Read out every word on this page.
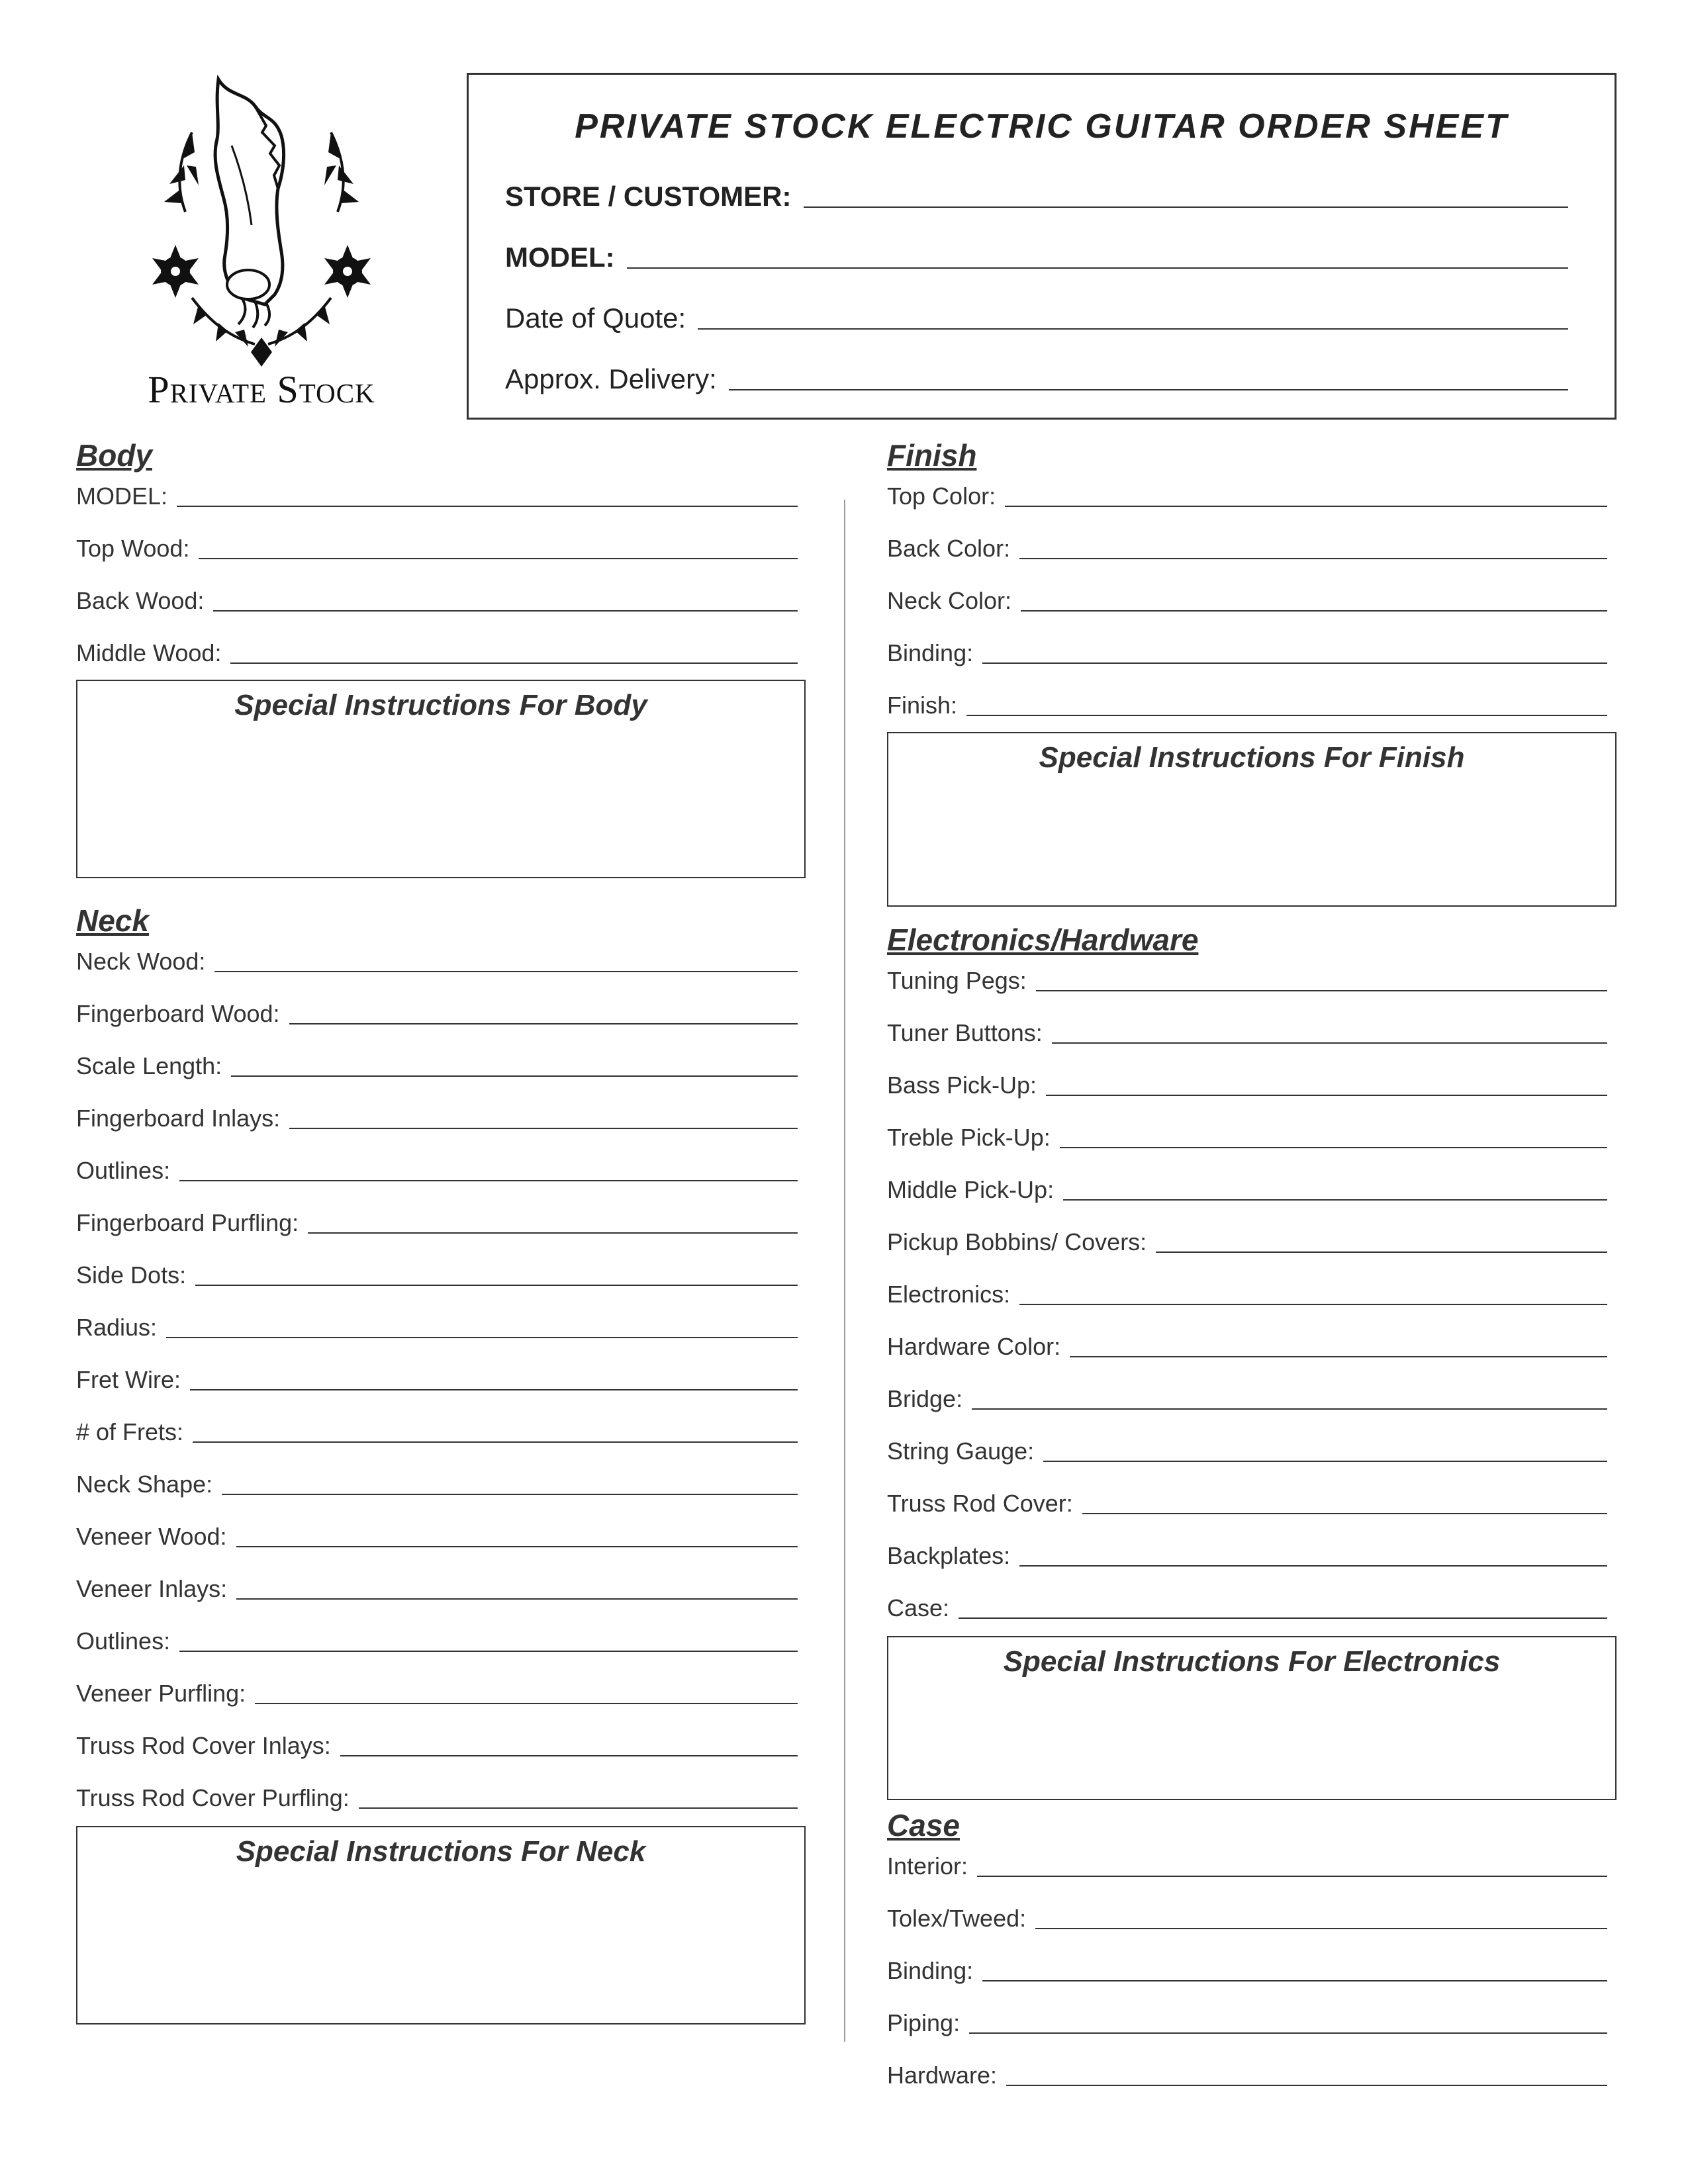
Private Stock
PRIVATE STOCK ELECTRIC GUITAR ORDER SHEET
STORE / CUSTOMER:
MODEL:
Date of Quote:
Approx. Delivery:
Body
MODEL:
Top Wood:
Back Wood:
Middle Wood:
Special Instructions For Body
Neck
Neck Wood:
Fingerboard Wood:
Scale Length:
Fingerboard Inlays:
Outlines:
Fingerboard Purfling:
Side Dots:
Radius:
Fret Wire:
# of Frets:
Neck Shape:
Veneer Wood:
Veneer Inlays:
Outlines:
Veneer Purfling:
Truss Rod Cover Inlays:
Truss Rod Cover Purfling:
Special Instructions For Neck
Finish
Top Color:
Back Color:
Neck Color:
Binding:
Finish:
Special Instructions For Finish
Electronics/Hardware
Tuning Pegs:
Tuner Buttons:
Bass Pick-Up:
Treble Pick-Up:
Middle Pick-Up:
Pickup Bobbins/ Covers:
Electronics:
Hardware Color:
Bridge:
String Gauge:
Truss Rod Cover:
Backplates:
Case:
Special Instructions For Electronics
Case
Interior:
Tolex/Tweed:
Binding:
Piping:
Hardware:
